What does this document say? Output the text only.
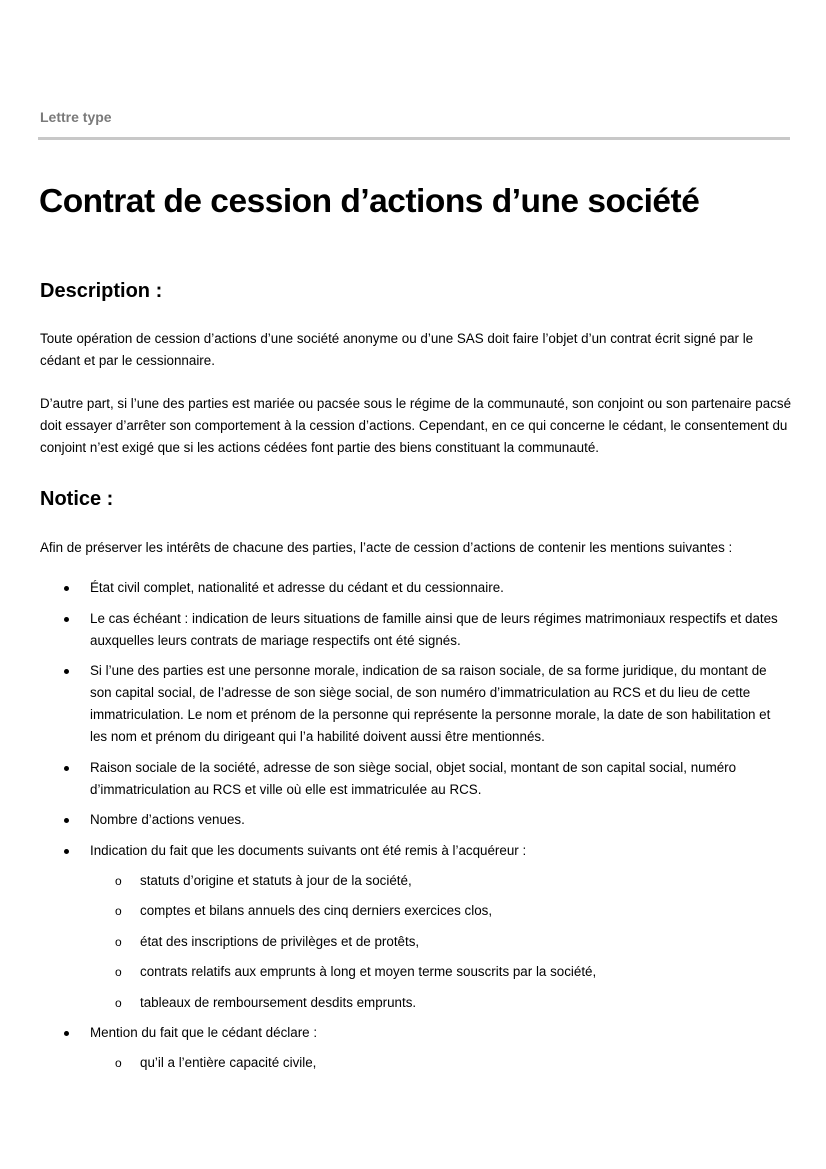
Lettre type
Contrat de cession d’actions d’une société
Description :

Toute opération de cession d’actions d’une société anonyme ou d’une SAS doit faire l’objet d’un contrat écrit signé par le cédant et par le cessionnaire.

D’autre part, si l’une des parties est mariée ou pacsée sous le régime de la communauté, son conjoint ou son partenaire pacsé doit essayer d’arrêter son comportement à la cession d’actions. Cependant, en ce qui concerne le cédant, le consentement du conjoint n’est exigé que si les actions cédées font partie des biens constituant la communauté.

Notice :

Afin de préserver les intérêts de chacune des parties, l’acte de cession d’actions de contenir les mentions suivantes :

État civil complet, nationalité et adresse du cédant et du cessionnaire.
Le cas échéant : indication de leurs situations de famille ainsi que de leurs régimes matrimoniaux respectifs et dates auxquelles leurs contrats de mariage respectifs ont été signés.
Si l’une des parties est une personne morale, indication de sa raison sociale, de sa forme juridique, du montant de son capital social, de l’adresse de son siège social, de son numéro d’immatriculation au RCS et du lieu de cette immatriculation. Le nom et prénom de la personne qui représente la personne morale, la date de son habilitation et les nom et prénom du dirigeant qui l’a habilité doivent aussi être mentionnés.
Raison sociale de la société, adresse de son siège social, objet social, montant de son capital social, numéro d’immatriculation au RCS et ville où elle est immatriculée au RCS.
Nombre d’actions venues.
Indication du fait que les documents suivants ont été remis à l’acquéreur :
o statuts d’origine et statuts à jour de la société,
o comptes et bilans annuels des cinq derniers exercices clos,
o état des inscriptions de privilèges et de protêts,
o contrats relatifs aux emprunts à long et moyen terme souscrits par la société,
o tableaux de remboursement desdits emprunts.
Mention du fait que le cédant déclare :
o qu’il a l’entière capacité civile,
